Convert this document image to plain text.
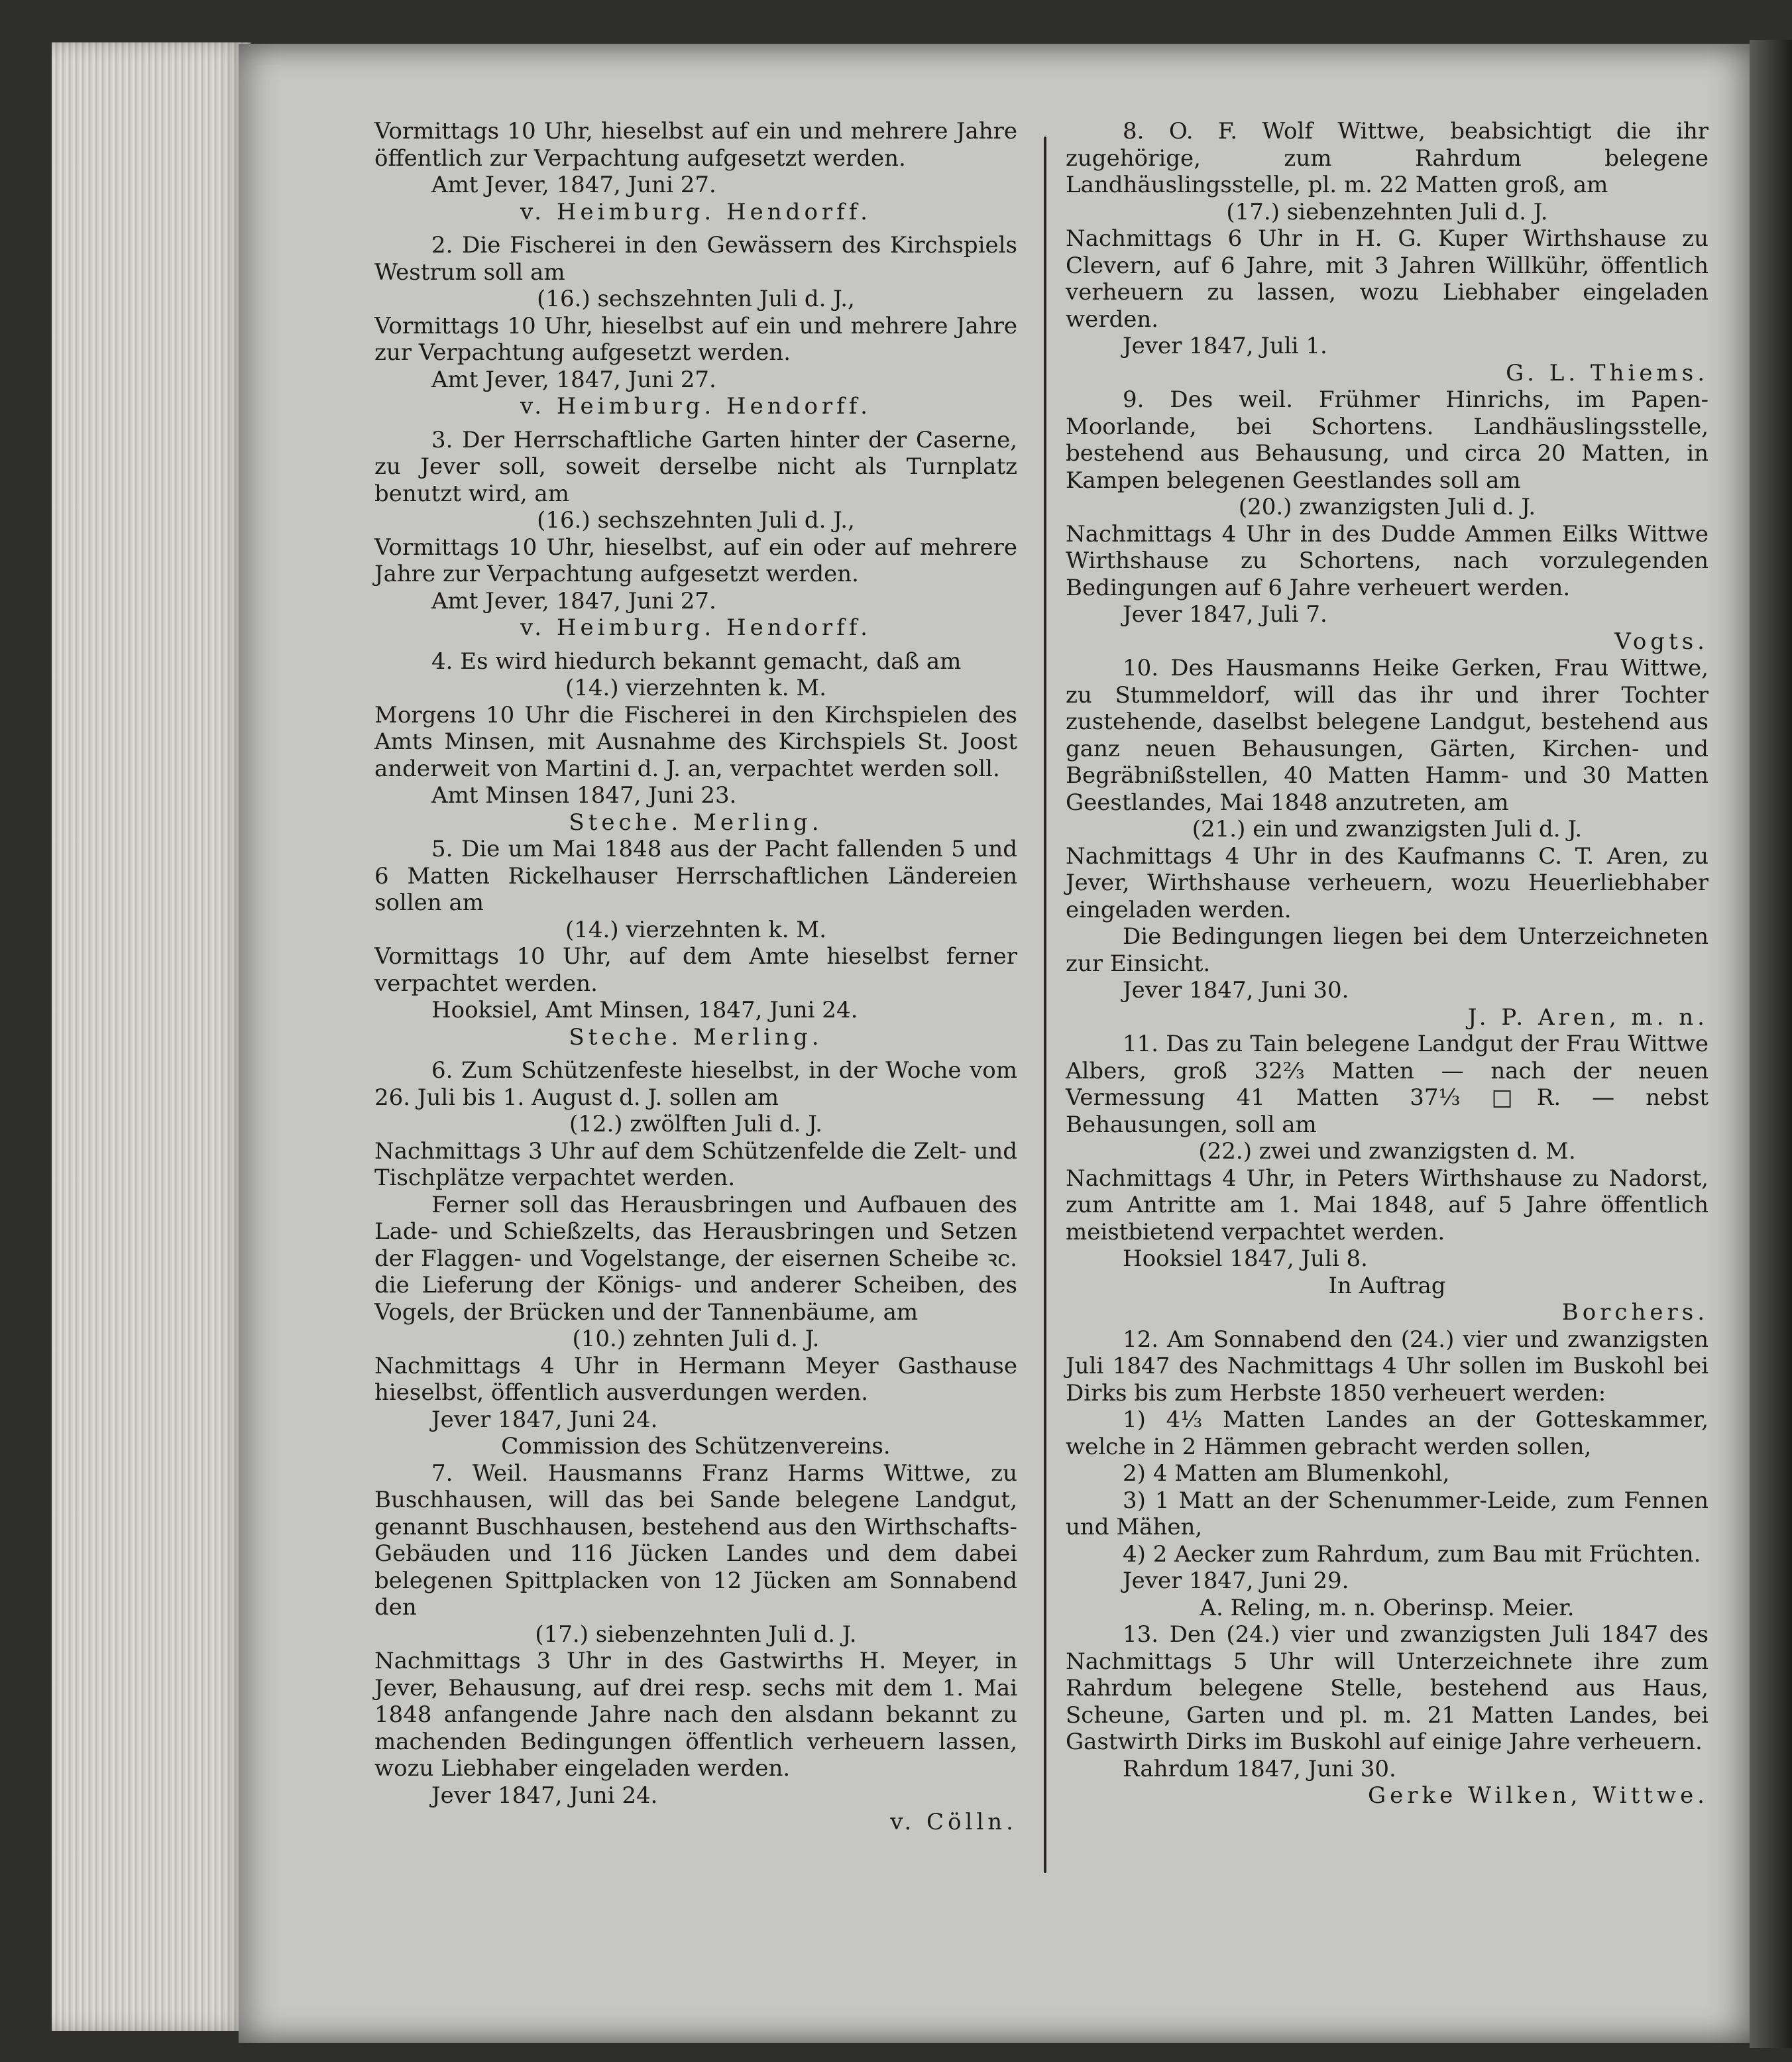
Vormittags 10 Uhr, hieselbst auf ein und mehrere Jahre öffentlich zur Verpachtung aufgesetzt werden.

Amt Jever, 1847, Juni 27.

v. Heimburg. Hendorff.

2. Die Fischerei in den Gewässern des Kirchspiels Westrum soll am

(16.) sechszehnten Juli d. J.,

Vormittags 10 Uhr, hieselbst auf ein und mehrere Jahre zur Verpachtung aufgesetzt werden.

Amt Jever, 1847, Juni 27.

v. Heimburg. Hendorff.

3. Der Herrschaftliche Garten hinter der Caserne, zu Jever soll, soweit derselbe nicht als Turnplatz benutzt wird, am

(16.) sechszehnten Juli d. J.,

Vormittags 10 Uhr, hieselbst, auf ein oder auf mehrere Jahre zur Verpachtung aufgesetzt werden.

Amt Jever, 1847, Juni 27.

v. Heimburg. Hendorff.

4. Es wird hiedurch bekannt gemacht, daß am

(14.) vierzehnten k. M.

Morgens 10 Uhr die Fischerei in den Kirchspielen des Amts Minsen, mit Ausnahme des Kirchspiels St. Joost anderweit von Martini d. J. an, verpachtet werden soll.

Amt Minsen 1847, Juni 23.

Steche. Merling.

5. Die um Mai 1848 aus der Pacht fallenden 5 und 6 Matten Rickelhauser Herrschaftlichen Ländereien sollen am

(14.) vierzehnten k. M.

Vormittags 10 Uhr, auf dem Amte hieselbst ferner verpachtet werden.

Hooksiel, Amt Minsen, 1847, Juni 24.

Steche. Merling.

6. Zum Schützenfeste hieselbst, in der Woche vom 26. Juli bis 1. August d. J. sollen am

(12.) zwölften Juli d. J.

Nachmittags 3 Uhr auf dem Schützenfelde die Zelt- und Tischplätze verpachtet werden.

Ferner soll das Herausbringen und Aufbauen des Lade- und Schießzelts, das Herausbringen und Setzen der Flaggen- und Vogelstange, der eisernen Scheibe ꝛc. die Lieferung der Königs- und anderer Scheiben, des Vogels, der Brücken und der Tannenbäume, am

(10.) zehnten Juli d. J.

Nachmittags 4 Uhr in Hermann Meyer Gasthause hieselbst, öffentlich ausverdungen werden.

Jever 1847, Juni 24.

Commission des Schützenvereins.

7. Weil. Hausmanns Franz Harms Wittwe, zu Buschhausen, will das bei Sande belegene Landgut, genannt Buschhausen, bestehend aus den Wirthschafts-Gebäuden und 116 Jücken Landes und dem dabei belegenen Spittplacken von 12 Jücken am Sonnabend den

(17.) siebenzehnten Juli d. J.

Nachmittags 3 Uhr in des Gastwirths H. Meyer, in Jever, Behausung, auf drei resp. sechs mit dem 1. Mai 1848 anfangende Jahre nach den alsdann bekannt zu machenden Bedingungen öffentlich verheuern lassen, wozu Liebhaber eingeladen werden.

Jever 1847, Juni 24.

v. Cölln.

8. O. F. Wolf Wittwe, beabsichtigt die ihr zugehörige, zum Rahrdum belegene Landhäuslingsstelle, pl. m. 22 Matten groß, am

(17.) siebenzehnten Juli d. J.

Nachmittags 6 Uhr in H. G. Kuper Wirthshause zu Clevern, auf 6 Jahre, mit 3 Jahren Willkühr, öffentlich verheuern zu lassen, wozu Liebhaber eingeladen werden.

Jever 1847, Juli 1.

G. L. Thiems.

9. Des weil. Frühmer Hinrichs, im Papen-Moorlande, bei Schortens. Landhäuslingsstelle, bestehend aus Behausung, und circa 20 Matten, in Kampen belegenen Geestlandes soll am

(20.) zwanzigsten Juli d. J.

Nachmittags 4 Uhr in des Dudde Ammen Eilks Wittwe Wirthshause zu Schortens, nach vorzulegenden Bedingungen auf 6 Jahre verheuert werden.

Jever 1847, Juli 7.

Vogts.

10. Des Hausmanns Heike Gerken, Frau Wittwe, zu Stummeldorf, will das ihr und ihrer Tochter zustehende, daselbst belegene Landgut, bestehend aus ganz neuen Behausungen, Gärten, Kirchen- und Begräbnißstellen, 40 Matten Hamm- und 30 Matten Geestlandes, Mai 1848 anzutreten, am

(21.) ein und zwanzigsten Juli d. J.

Nachmittags 4 Uhr in des Kaufmanns C. T. Aren, zu Jever, Wirthshause verheuern, wozu Heuerliebhaber eingeladen werden.

Die Bedingungen liegen bei dem Unterzeichneten zur Einsicht.

Jever 1847, Juni 30.

J. P. Aren, m. n.

11. Das zu Tain belegene Landgut der Frau Wittwe Albers, groß 32⅔ Matten — nach der neuen Vermessung 41 Matten 37⅓ □R. — nebst Behausungen, soll am

(22.) zwei und zwanzigsten d. M.

Nachmittags 4 Uhr, in Peters Wirthshause zu Nadorst, zum Antritte am 1. Mai 1848, auf 5 Jahre öffentlich meistbietend verpachtet werden.

Hooksiel 1847, Juli 8.

In Auftrag

Borchers.

12. Am Sonnabend den (24.) vier und zwanzigsten Juli 1847 des Nachmittags 4 Uhr sollen im Buskohl bei Dirks bis zum Herbste 1850 verheuert werden:

1) 4⅓ Matten Landes an der Gotteskammer, welche in 2 Hämmen gebracht werden sollen,

2) 4 Matten am Blumenkohl,

3) 1 Matt an der Schenummer-Leide, zum Fennen und Mähen,

4) 2 Aecker zum Rahrdum, zum Bau mit Früchten.

Jever 1847, Juni 29.

A. Reling, m. n. Oberinsp. Meier.

13. Den (24.) vier und zwanzigsten Juli 1847 des Nachmittags 5 Uhr will Unterzeichnete ihre zum Rahrdum belegene Stelle, bestehend aus Haus, Scheune, Garten und pl. m. 21 Matten Landes, bei Gastwirth Dirks im Buskohl auf einige Jahre verheuern.

Rahrdum 1847, Juni 30.

Gerke Wilken, Wittwe.
